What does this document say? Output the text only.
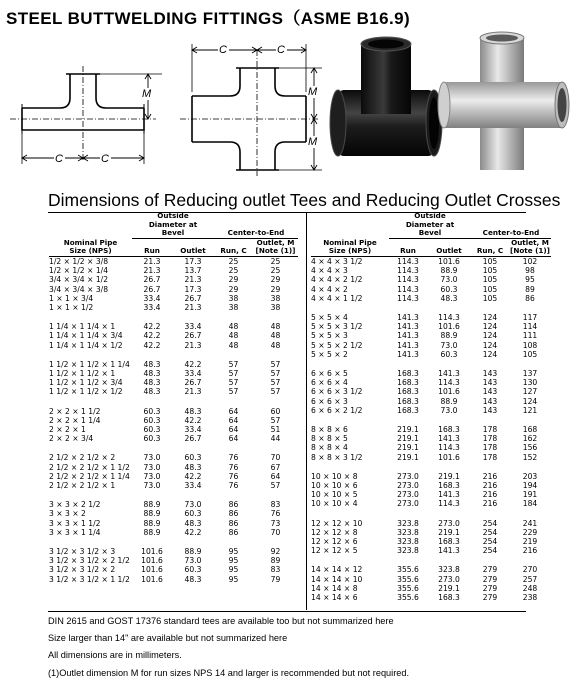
STEEL BUTTWELDING FITTINGS（ASME B16.9)
C	C
M
C	C
M
M
Dimensions of Reducing outlet Tees and Reducing Outlet Crosses
Nominal Pipe Size (NPS)	Outside Diameter at Bevel		Center-to-End	
	Run	Outlet	Run, C	Outlet, M [Note (1)]
1/2 × 1/2 × 3/8	21.3	17.3	25	25
1/2 × 1/2 × 1/4	21.3	13.7	25	25
3/4 × 3/4 × 1/2	26.7	21.3	29	29
3/4 × 3/4 × 3/8	26.7	17.3	29	29
1 × 1 × 3/4	33.4	26.7	38	38
1 × 1 × 1/2	33.4	21.3	38	38

1 1/4 × 1 1/4 × 1	42.2	33.4	48	48
1 1/4 × 1 1/4 × 3/4	42.2	26.7	48	48
1 1/4 × 1 1/4 × 1/2	42.2	21.3	48	48

1 1/2 × 1 1/2 × 1 1/4	48.3	42.2	57	57
1 1/2 × 1 1/2 × 1	48.3	33.4	57	57
1 1/2 × 1 1/2 × 3/4	48.3	26.7	57	57
1 1/2 × 1 1/2 × 1/2	48.3	21.3	57	57

2 × 2 × 1 1/2	60.3	48.3	64	60
2 × 2 × 1 1/4	60.3	42.2	64	57
2 × 2 × 1	60.3	33.4	64	51
2 × 2 × 3/4	60.3	26.7	64	44

2 1/2 × 2 1/2 × 2	73.0	60.3	76	70
2 1/2 × 2 1/2 × 1 1/2	73.0	48.3	76	67
2 1/2 × 2 1/2 × 1 1/4	73.0	42.2	76	64
2 1/2 × 2 1/2 × 1	73.0	33.4	76	57

3 × 3 × 2 1/2	88.9	73.0	86	83
3 × 3 × 2	88.9	60.3	86	76
3 × 3 × 1 1/2	88.9	48.3	86	73
3 × 3 × 1 1/4	88.9	42.2	86	70

3 1/2 × 3 1/2 × 3	101.6	88.9	95	92
3 1/2 × 3 1/2 × 2 1/2	101.6	73.0	95	89
3 1/2 × 3 1/2 × 2	101.6	60.3	95	83
3 1/2 × 3 1/2 × 1 1/2	101.6	48.3	95	79
Nominal Pipe Size (NPS)	Outside Diameter at Bevel		Center-to-End	
	Run	Outlet	Run, C	Outlet, M [Note (1)]
4 × 4 × 3 1/2	114.3	101.6	105	102
4 × 4 × 3	114.3	88.9	105	98
4 × 4 × 2 1/2	114.3	73.0	105	95
4 × 4 × 2	114.3	60.3	105	89
4 × 4 × 1 1/2	114.3	48.3	105	86

5 × 5 × 4	141.3	114.3	124	117
5 × 5 × 3 1/2	141.3	101.6	124	114
5 × 5 × 3	141.3	88.9	124	111
5 × 5 × 2 1/2	141.3	73.0	124	108
5 × 5 × 2	141.3	60.3	124	105

6 × 6 × 5	168.3	141.3	143	137
6 × 6 × 4	168.3	114.3	143	130
6 × 6 × 3 1/2	168.3	101.6	143	127
6 × 6 × 3	168.3	88.9	143	124
6 × 6 × 2 1/2	168.3	73.0	143	121

8 × 8 × 6	219.1	168.3	178	168
8 × 8 × 5	219.1	141.3	178	162
8 × 8 × 4	219.1	114.3	178	156
8 × 8 × 3 1/2	219.1	101.6	178	152

10 × 10 × 8	273.0	219.1	216	203
10 × 10 × 6	273.0	168.3	216	194
10 × 10 × 5	273.0	141.3	216	191
10 × 10 × 4	273.0	114.3	216	184

12 × 12 × 10	323.8	273.0	254	241
12 × 12 × 8	323.8	219.1	254	229
12 × 12 × 6	323.8	168.3	254	219
12 × 12 × 5	323.8	141.3	254	216

14 × 14 × 12	355.6	323.8	279	270
14 × 14 × 10	355.6	273.0	279	257
14 × 14 × 8	355.6	219.1	279	248
14 × 14 × 6	355.6	168.3	279	238
DIN 2615 and GOST 17376 standard tees are available too but not summarized here
Size larger than 14" are available but not summarized here
All dimensions are in millimeters.
(1)Outlet dimension M for run sizes NPS 14 and larger is recommended but not required.
